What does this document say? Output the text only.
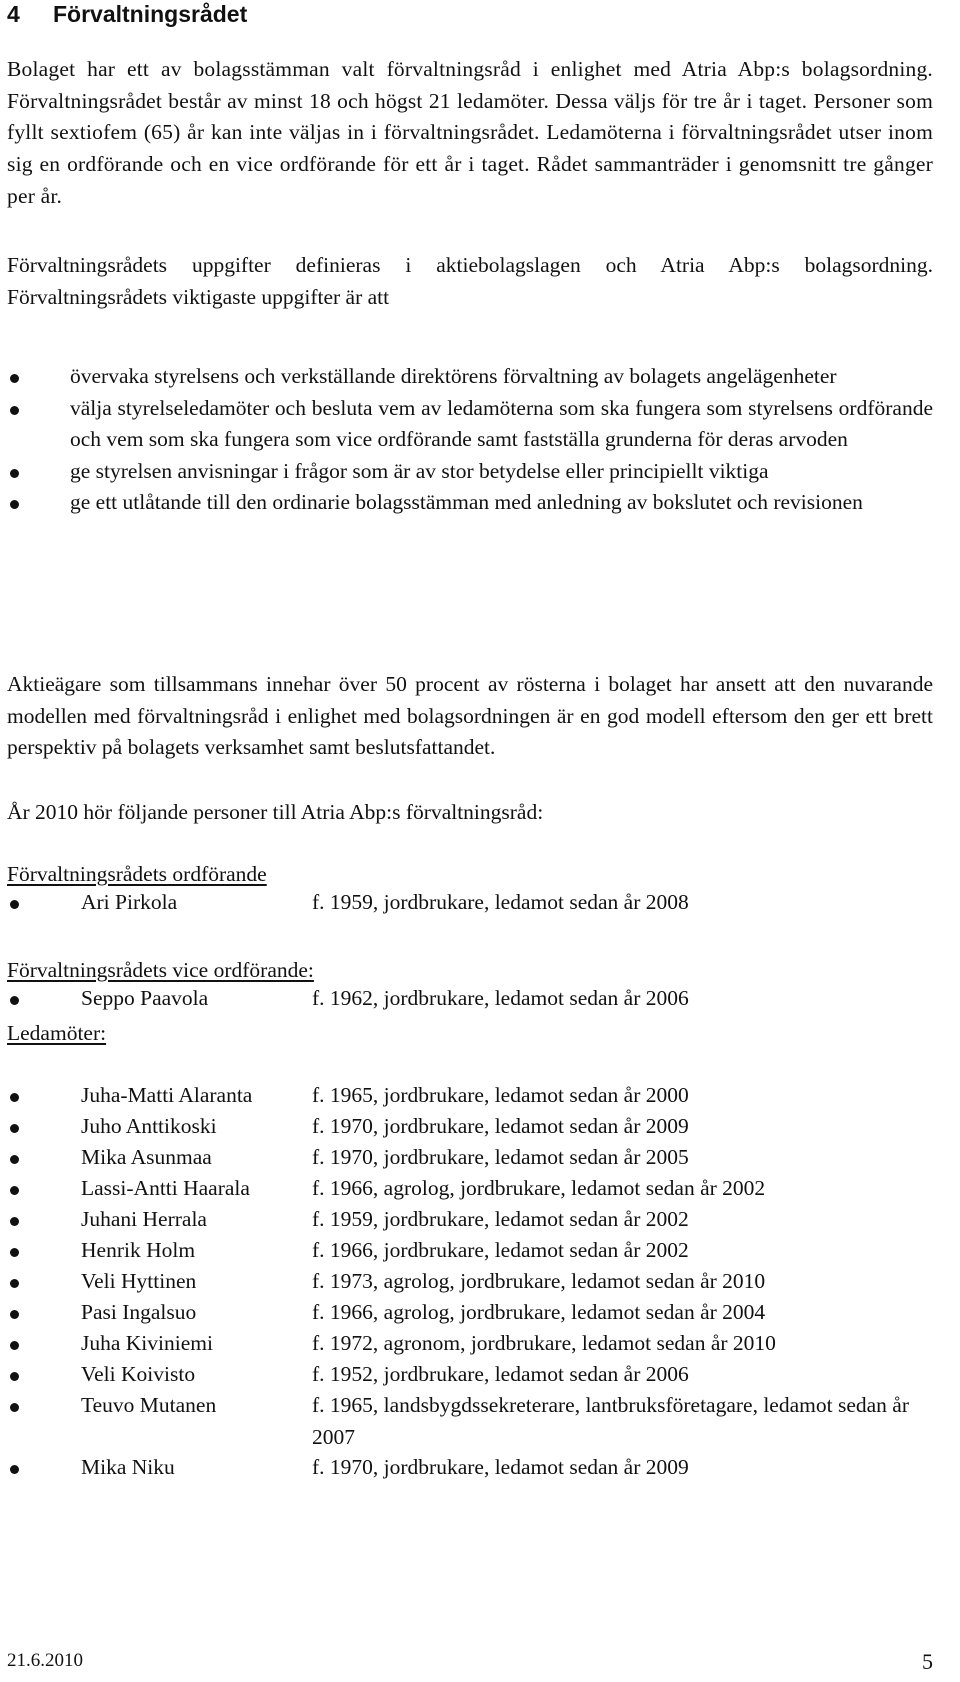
4 Förvaltningsrådet

Bolaget har ett av bolagsstämman valt förvaltningsråd i enlighet med Atria Abp:s bolagsordning. Förvaltningsrådet består av minst 18 och högst 21 ledamöter. Dessa väljs för tre år i taget. Personer som fyllt sextiofem (65) år kan inte väljas in i förvaltningsrådet. Ledamöterna i förvaltningsrådet utser inom sig en ordförande och en vice ordförande för ett år i taget. Rådet sammanträder i genomsnitt tre gånger per år.

Förvaltningsrådets uppgifter definieras i aktiebolagslagen och Atria Abp:s bolagsordning. Förvaltningsrådets viktigaste uppgifter är att

övervaka styrelsens och verkställande direktörens förvaltning av bolagets angelägenheter
välja styrelseledamöter och besluta vem av ledamöterna som ska fungera som styrelsens ordförande och vem som ska fungera som vice ordförande samt fastställa grunderna för deras arvoden
ge styrelsen anvisningar i frågor som är av stor betydelse eller principiellt viktiga
ge ett utlåtande till den ordinarie bolagsstämman med anledning av bokslutet och revisionen

Aktieägare som tillsammans innehar över 50 procent av rösterna i bolaget har ansett att den nuvarande modellen med förvaltningsråd i enlighet med bolagsordningen är en god modell eftersom den ger ett brett perspektiv på bolagets verksamhet samt beslutsfattandet.

År 2010 hör följande personer till Atria Abp:s förvaltningsråd:

Förvaltningsrådets ordförande
Ari Pirkola	f. 1959, jordbrukare, ledamot sedan år 2008
Förvaltningsrådets vice ordförande:
Seppo Paavola	f. 1962, jordbrukare, ledamot sedan år 2006
Ledamöter:
Juha-Matti Alaranta	f. 1965, jordbrukare, ledamot sedan år 2000
Juho Anttikoski	f. 1970, jordbrukare, ledamot sedan år 2009
Mika Asunmaa	f. 1970, jordbrukare, ledamot sedan år 2005
Lassi-Antti Haarala	f. 1966, agrolog, jordbrukare, ledamot sedan år 2002
Juhani Herrala	f. 1959, jordbrukare, ledamot sedan år 2002
Henrik Holm	f. 1966, jordbrukare, ledamot sedan år 2002
Veli Hyttinen	f. 1973, agrolog, jordbrukare, ledamot sedan år 2010
Pasi Ingalsuo	f. 1966, agrolog, jordbrukare, ledamot sedan år 2004
Juha Kiviniemi	f. 1972, agronom, jordbrukare, ledamot sedan år 2010
Veli Koivisto	f. 1952, jordbrukare, ledamot sedan år 2006
Teuvo Mutanen	f. 1965, landsbygdssekreterare, lantbruksföretagare, ledamot sedan år 2007
Mika Niku	f. 1970, jordbrukare, ledamot sedan år 2009
21.6.2010	5
